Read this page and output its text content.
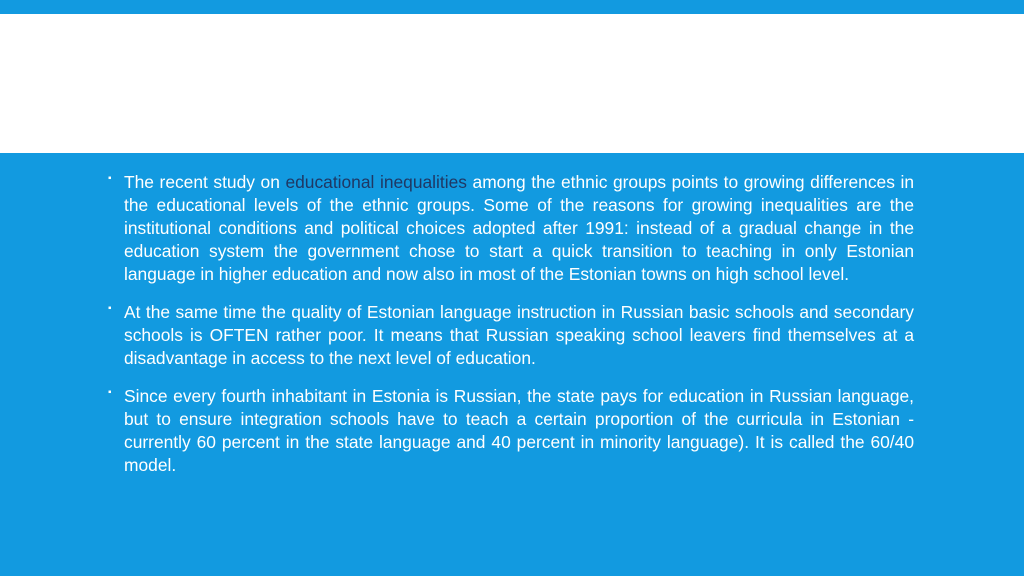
▪ The recent study on educational inequalities among the ethnic groups points to growing differences in the educational levels of the ethnic groups. Some of the reasons for growing inequalities are the institutional conditions and political choices adopted after 1991: instead of a gradual change in the education system the government chose to start a quick transition to teaching in only Estonian language in higher education and now also in most of the Estonian towns on high school level.
▪ At the same time the quality of Estonian language instruction in Russian basic schools and secondary schools is OFTEN rather poor. It means that Russian speaking school leavers find themselves at a disadvantage in access to the next level of education.
▪ Since every fourth inhabitant in Estonia is Russian, the state pays for education in Russian language, but to ensure integration schools have to teach a certain proportion of the curricula in Estonian - currently 60 percent in the state language and 40 percent in minority language). It is called the 60/40 model.
